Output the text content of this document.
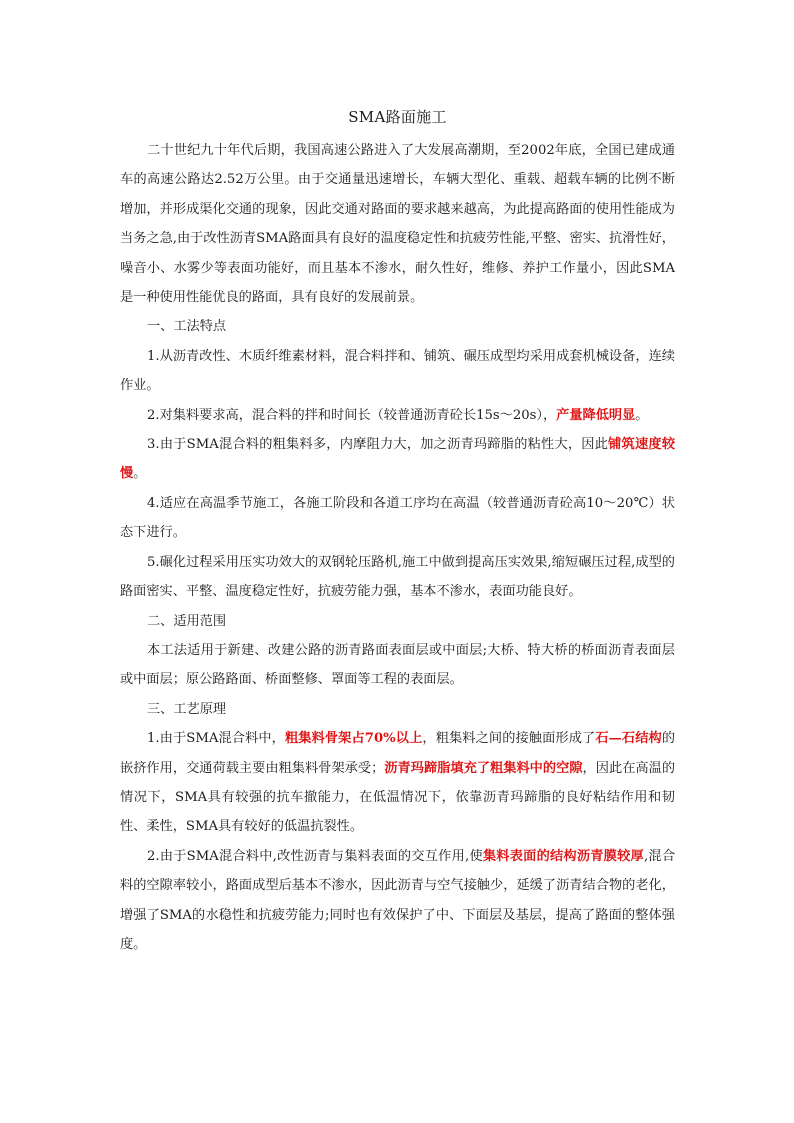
SMA路面施工

二十世纪九十年代后期，我国高速公路进入了大发展高潮期，至2002年底，全国已建成通车的高速公路达2.52万公里。由于交通量迅速增长，车辆大型化、重载、超载车辆的比例不断增加，并形成渠化交通的现象，因此交通对路面的要求越来越高，为此提高路面的使用性能成为当务之急,由于改性沥青SMA路面具有良好的温度稳定性和抗疲劳性能,平整、密实、抗滑性好，噪音小、水雾少等表面功能好，而且基本不渗水，耐久性好，维修、养护工作量小，因此SMA是一种使用性能优良的路面，具有良好的发展前景。

一、工法特点

1.从沥青改性、木质纤维素材料，混合料拌和、铺筑、碾压成型均采用成套机械设备，连续作业。

2.对集料要求高，混合料的拌和时间长（较普通沥青砼长15s～20s），产量降低明显。

3.由于SMA混合料的粗集料多，内摩阻力大，加之沥青玛蹄脂的粘性大，因此铺筑速度较慢。

4.适应在高温季节施工，各施工阶段和各道工序均在高温（较普通沥青砼高10～20℃）状态下进行。

5.碾化过程采用压实功效大的双钢轮压路机,施工中做到提高压实效果,缩短碾压过程,成型的路面密实、平整、温度稳定性好，抗疲劳能力强，基本不渗水，表面功能良好。

二、适用范围

本工法适用于新建、改建公路的沥青路面表面层或中面层;大桥、特大桥的桥面沥青表面层或中面层；原公路路面、桥面整修、罩面等工程的表面层。

三、工艺原理

1.由于SMA混合料中，粗集料骨架占70%以上，粗集料之间的接触面形成了石—石结构的嵌挤作用，交通荷载主要由粗集料骨架承受；沥青玛蹄脂填充了粗集料中的空隙，因此在高温的情况下，SMA具有较强的抗车撤能力，在低温情况下，依靠沥青玛蹄脂的良好粘结作用和韧性、柔性，SMA具有较好的低温抗裂性。

2.由于SMA混合料中,改性沥青与集料表面的交互作用,使集料表面的结构沥青膜较厚,混合料的空隙率较小，路面成型后基本不渗水，因此沥青与空气接触少，延缓了沥青结合物的老化，增强了SMA的水稳性和抗疲劳能力;同时也有效保护了中、下面层及基层，提高了路面的整体强度。
